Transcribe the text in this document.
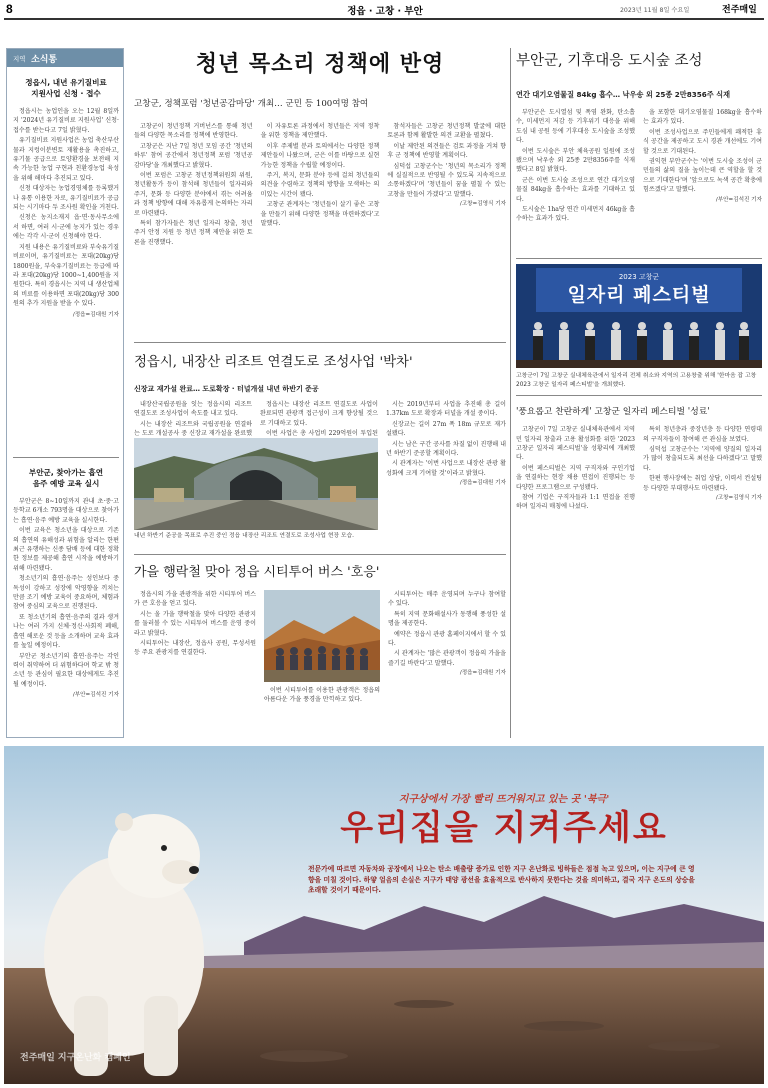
8	정읍 · 고창 · 부안	2023년 11월 8일 수요일	전주매일
지역 소식통
정읍시, 내년 유기질비료
지원사업 신청 · 접수

정읍시는 농업인을 오는 12월 8일까지 '2024년 유기질비료 지원사업' 신청·접수를 받는다고 7일 밝혔다.

유기질비료 지원사업은 농업 축산부산물과 지렁이분변토 재활용을 촉진하고, 유기물 공급으로 토양환경을 보전해 지속 가능한 농업 구현과 친환경농업 육성을 위해 해마다 추진되고 있다.

신청 대상자는 농업경영체를 등록했거나 유통 이용한 자로, 유기질비료가 공급되는 시기마다 두 조사원 확인을 거친다.

신청은 농지소재지 읍·면·동사무소에서 하면, 여러 시·군에 농지가 있는 경우에는 각각 시·군이 신청해야 한다.

지원 내용은 유기질비료와 부숙유기질비료이며, 유기질비료는 포대(20kg)당 1800원을, 부숙유기질비료는 등급에 따라 포대(20kg)당 1000~1,400원을 지원한다. 특히 경읍시는 지역 내 생산업체의 비료를 이용하면 포대(20kg)당 300원의 추가 지원을 받을 수 있다.

/정읍=김대원 기자
부안군, 찾아가는 흡연
음주 예방 교육 실시

부안군은 8~10일까지 관내 초·중·고등학교 6개소 793명을 대상으로 찾아가는 흡연·음주 예방 교육을 실시한다.

이번 교육은 청소년을 대상으로 기존의 흡연의 유해성과 위험을 알리는 한편 최근 유행하는 신종 담배 등에 대한 정확한 정보를 제공해 흡연 시작을 예방하기 위해 마련됐다.

청소년기의 흡연·음주는 성인보다 중독성이 강하고 성장에 악영향을 끼치는 만큼 조기 예방 교육이 중요하며, 체험과 참여 중심의 교육으로 진행된다.

또 청소년기의 흡연·음주의 결과 생겨나는 여러 가지 신체·정신·사회적 폐해, 흡연 해로운 것 등을 소개하며 교육 효과를 높일 예정이다.

부안군 청소년기의 흡연·음주는 각인력이 취약하여 더 위험하다며 학교 밖 청소년 등 관심이 필요한 대상에게도 추진될 예정이다.

/부안=김석진 기자
청년 목소리 정책에 반영
고창군, 정책포럼 '청년공감마당' 개최… 군민 등 100여명 참여

고창군이 청년정책 거버넌스를 통해 청년들의 다양한 목소리를 정책에 반영한다.

고창군은 지난 7일 청년 모임 공간 '청년의 하루' 참여 공간에서 청년정책 포럼 '청년공감마당'을 개최했다고 밝혔다.

이번 포럼은 고창군 청년정책위원회 위원, 청년활동가 등이 참석해 청년들이 일자리와 주거, 문화 등 다양한 분야에서 겪는 어려움과 정책 방향에 대해 자유롭게 논의하는 자리로 마련됐다.

특히 참가자들은 청년 일자리 창출, 청년 주거 안정 지원 등 청년 정책 제안을 위한 토론을 진행했다.

이 자유토론 과정에서 청년들은 지역 정착을 위한 정책을 제안했다.

이후 주제별 분과 토의에서는 다양한 정책 제안들이 나왔으며, 군은 이를 바탕으로 실현 가능한 정책을 수립할 예정이다.

주거, 복지, 문화 분야 등에 걸쳐 청년들의 의견을 수렴하고 정책의 방향을 모색하는 의미있는 시간이 됐다.

고창군 관계자는 '청년들이 살기 좋은 고창을 만들기 위해 다양한 정책을 마련하겠다'고 말했다.

참석자들은 고창군 청년정책 발굴에 대한 토론과 함께 활발한 의견 교환을 펼쳤다.

이날 제안된 의견들은 검토 과정을 거쳐 향후 군 정책에 반영할 계획이다.

심덕섭 고창군수는 '청년의 목소리가 정책에 실질적으로 반영될 수 있도록 지속적으로 소통하겠다'며 '청년들이 꿈을 펼칠 수 있는 고창을 만들어 가겠다'고 말했다.

/고창=김영식 기자
부안군, 기후대응 도시숲 조성
연간 대기오염물질 84kg 흡수… 낙우송 외 25종 2만8356주 식재

부안군은 도시열섬 및 폭염 완화, 탄소흡수, 미세먼지 저감 등 기후위기 대응을 위해 도심 내 공원 등에 기후대응 도시숲을 조성했다.

이번 도시숲은 부안 체육공원 일원에 조성됐으며 낙우송 외 25종 2만8356주를 식재했다고 8일 밝혔다.

군은 이번 도시숲 조성으로 연간 대기오염물질 84kg을 흡수하는 효과를 기대하고 있다.

도시숲은 1ha당 연간 미세먼지 46kg을 흡수하는 효과가 있다.

을 포함한 대기오염물질 168kg을 흡수하는 효과가 있다.

이번 조성사업으로 주민들에게 쾌적한 휴식 공간을 제공하고 도시 경관 개선에도 기여할 것으로 기대된다.

권익현 부안군수는 '이번 도시숲 조성이 군민들의 삶의 질을 높이는데 큰 역할을 할 것으로 기대한다'며 '앞으로도 녹색 공간 확충에 힘쓰겠다'고 말했다.

/부안=김석진 기자
정읍시, 내장산 리조트 연결도로 조성사업 '박차'
신장교 재가설 완료… 도로확장 · 터널개설 내년 하반기 준공

내장산국립공원을 잇는 정읍시의 리조트 연결도로 조성사업이 속도를 내고 있다.

시는 내장산 리조트와 국립공원을 연결하는 도로 개설공사 중 신장교 재가설을 완료했

정읍시는 내장산 리조트 연결도로 사업이 완료되면 관광객 접근성이 크게 향상될 것으로 기대하고 있다.

이번 사업은 총 사업비 229억원이 투입된

내년 하반기 준공을 목표로 추진 중인 정읍 내장산 리조트 연결도로 조성사업 현장 모습.

시는 2019년부터 사업을 추진해 총 길이 1.37km 도로 확장과 터널을 개설 중이다.

신장교는 길이 27m 폭 18m 규모로 재가설됐다.

시는 남은 구간 공사를 차질 없이 진행해 내년 하반기 준공할 계획이다.

시 관계자는 '이번 사업으로 내장산 관광 활성화에 크게 기여할 것'이라고 밝혔다.

/정읍=김대원 기자
가을 행락철 맞아 정읍 시티투어 버스 '호응'

정읍시의 가을 관광객을 위한 시티투어 버스가 큰 호응을 얻고 있다.

시는 올 가을 행락철을 맞아 다양한 관광지를 둘러볼 수 있는 시티투어 버스를 운영 중이라고 밝혔다.

시티투어는 내장산, 정읍사 공원, 무성서원 등 주요 관광지를 연결한다.

이번 시티투어를 이용한 관광객은 정읍의 아름다운 가을 풍경을 만끽하고 있다.

시티투어는 매주 운영되며 누구나 참여할 수 있다.

특히 지역 문화해설사가 동행해 풍성한 설명을 제공한다.

예약은 정읍시 관광 홈페이지에서 할 수 있다.

시 관계자는 '많은 관광객이 정읍의 가을을 즐기길 바란다'고 말했다.

/정읍=김대원 기자
2023 고창군
일자리 페스티벌
고창군이 7일 고창군 실내체육관에서 일자리 전체 취소와 지역의 고용창출 위해 '한마음 잡 고창 2023 고창군 일자리 페스티벌'을 개최했다.
'풍요롭고 찬란하게' 고창군 일자리 페스티벌 '성료'

고창군이 7일 고창군 실내체육관에서 지역민 일자리 창출과 고용 활성화를 위한 '2023 고창군 일자리 페스티벌'을 성황리에 개최했다.

이번 페스티벌은 지역 구직자와 구인기업을 연결하는 현장 채용 면접이 진행되는 등 다양한 프로그램으로 구성됐다.

참여 기업은 구직자들과 1:1 면접을 진행하며 일자리 매칭에 나섰다.

특히 청년층과 중장년층 등 다양한 연령대의 구직자들이 참여해 큰 관심을 보였다.

심덕섭 고창군수는 '지역에 양질의 일자리가 많이 창출되도록 최선을 다하겠다'고 말했다.

한편 행사장에는 취업 상담, 이력서 컨설팅 등 다양한 부대행사도 마련됐다.

/고창=김영식 기자
지구상에서 가장 빨리 뜨거워지고 있는 곳 '북극'
우리집을 지켜주세요
전문가에 따르면 자동차와 공장에서 나오는 탄소 배출량 증가로 인한 지구 온난화로 빙하들은 점점 녹고 있으며, 이는 지구에 큰 영향을 미칠 것이다. 하얗 얼음의 손실은 지구가 태양 광선을 효율적으로 반사하지 못한다는 것을 의미하고, 결국 지구 온도의 상승을 초래할 것이기 때문이다.
전주매일 지구온난화 캠페인
